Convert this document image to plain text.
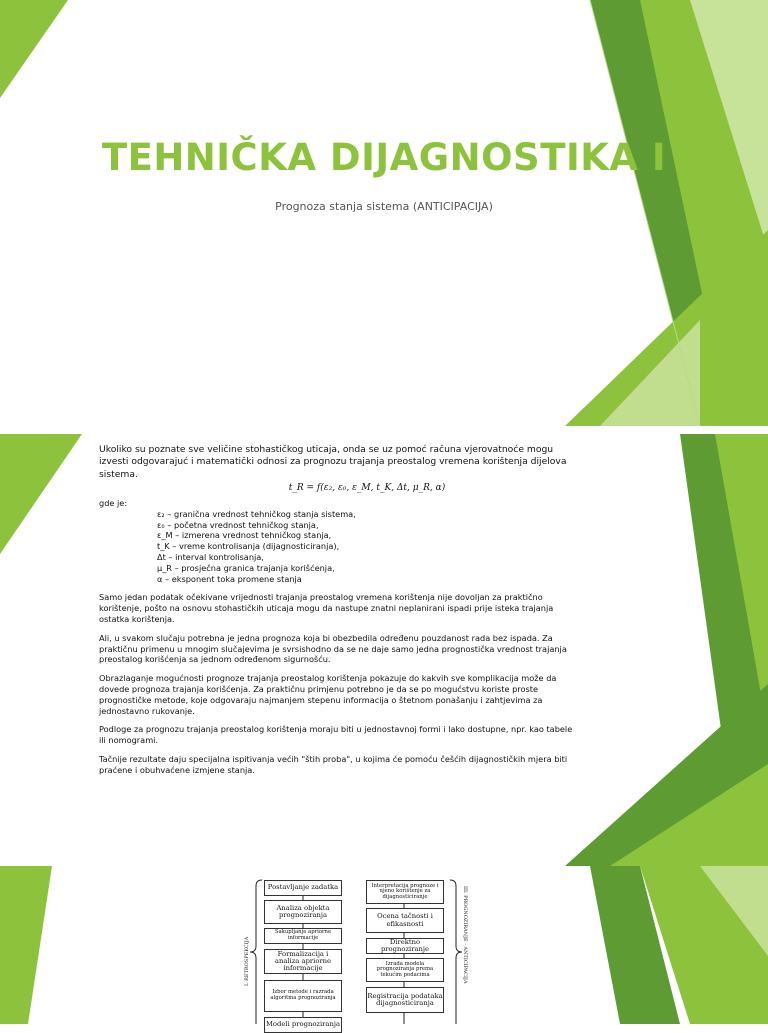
TEHNIČKA DIJAGNOSTIKA I
Prognoza stanja sistema (ANTICIPACIJA)

Ukoliko su poznate sve veličine stohastičkog uticaja, onda se uz pomoć računa vjerovatnoće mogu izvesti odgovarajuć i matematički odnosi za prognozu trajanja preostalog vremena korištenja dijelova sistema.

t_R = f(ε₂, ε₀, ε_M, t_K, Δt, μ_R, α)

gde je:

ε₂ – granična vrednost tehničkog stanja sistema,
ε₀ – početna vrednost tehničkog stanja,
ε_M – izmerena vrednost tehničkog stanja,
t_K – vreme kontrolisanja (dijagnosticiranja),
Δt – interval kontrolisanja,
μ_R – prosječna granica trajanja korišćenja,
α – eksponent toka promene stanja

Samo jedan podatak očekivane vrijednosti trajanja preostalog vremena korištenja nije dovoljan za praktično korištenje, pošto na osnovu stohastičkih uticaja mogu da nastupe znatni neplanirani ispadi prije isteka trajanja ostatka korištenja.

Ali, u svakom slučaju potrebna je jedna prognoza koja bi obezbedila određenu pouzdanost rada bez ispada. Za praktičnu primenu u mnogim slučajevima je svrsishodno da se ne daje samo jedna prognostička vrednost trajanja preostalog korišćenja sa jednom određenom sigurnošću.

Obrazlaganje mogućnosti prognoze trajanja preostalog korištenja pokazuje do kakvih sve komplikacija može da dovede prognoza trajanja korišćenja. Za praktičnu primjenu potrebno je da se po mogućstvu koriste proste prognostičke metode, koje odgovaraju najmanjem stepenu informacija o štetnom ponašanju i zahtjevima za jednostavno rukovanje.

Podloge za prognozu trajanja preostalog korištenja moraju biti u jednostavnoj formi i lako dostupne, npr. kao tabele ili nomogrami.

Tačnije rezultate daju specijalna ispitivanja većih "štih proba", u kojima će pomoću češćih dijagnostičkih mjera biti praćene i obuhvaćene izmjene stanja.

I. RETROSPEKCIJA	III. PROGNOZIRANJE - ANTICIPACIJA
Postavljanje zadatka
Analiza objekta prognoziranja
Sakupljanje apriorne informacije
Formalizacija i analiza apriorne informacije
Izbor metode i razrada algoritma prognoziranja
Modeli prognoziranja
Interpretacija prognoze i njeno korištenje za dijagnosticiranje
Ocena tačnosti i efikasnosti
Direktno prognoziranje
Izrada modela prognoziranja prema tekućim podacima
Registracija podataka dijagnosticiranja
